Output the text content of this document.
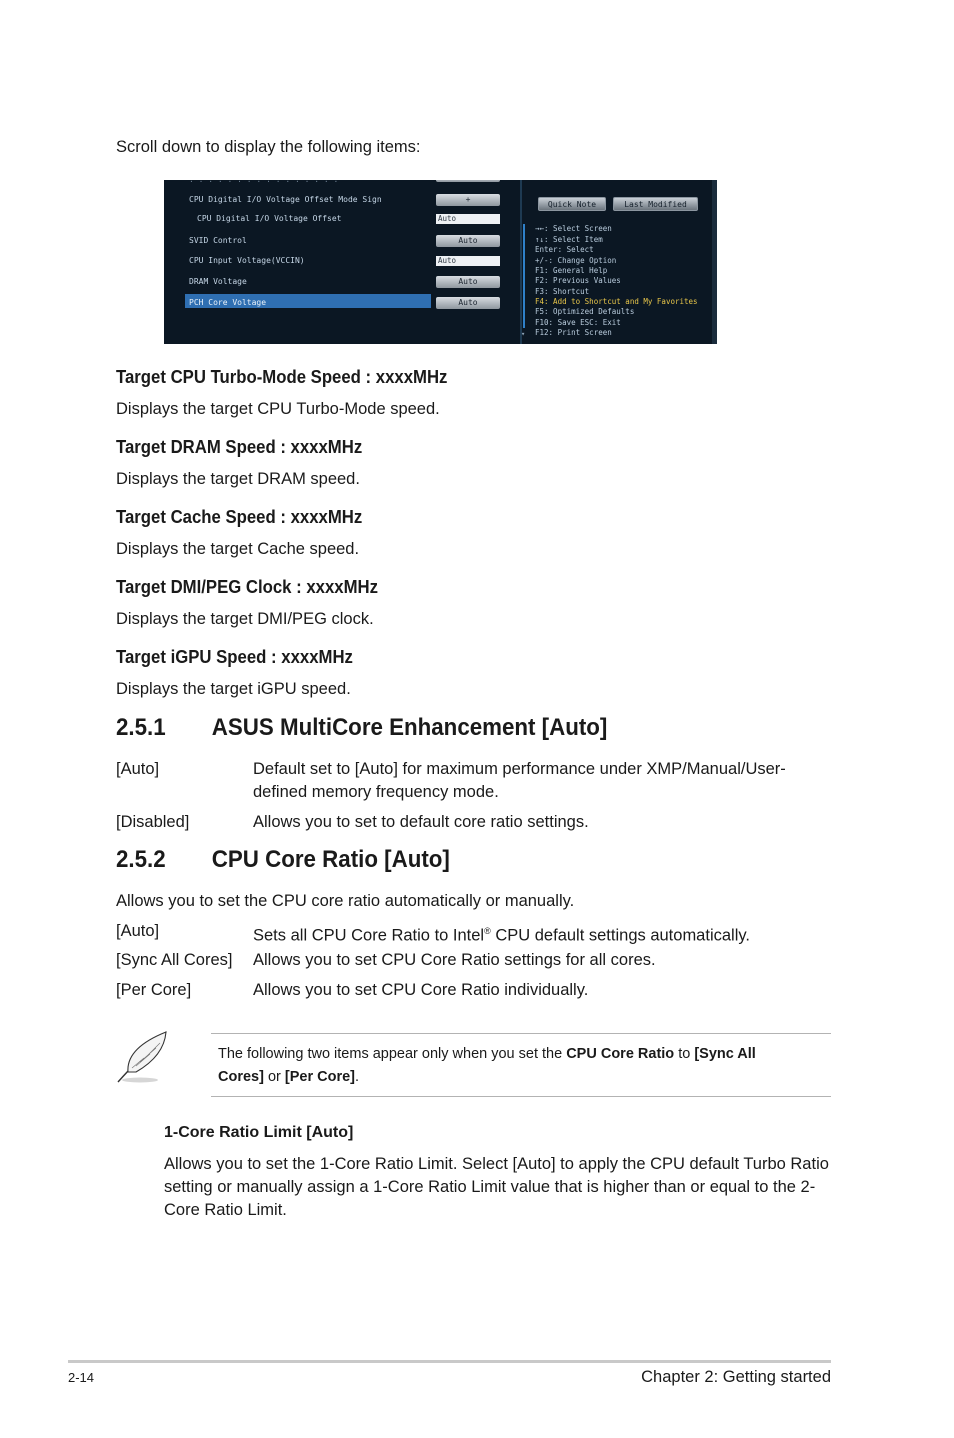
Scroll down to display the following items:
· · · · · · · · · · · · · · · ·
CPU Digital I/O Voltage Offset Mode Sign	+
CPU Digital I/O Voltage Offset	Auto
SVID Control	Auto
CPU Input Voltage(VCCIN)	Auto
DRAM Voltage	Auto
PCH Core Voltage	Auto
▾
Quick Note	Last Modified
→←: Select Screen
↑↓: Select Item
Enter: Select
+/-: Change Option
F1: General Help
F2: Previous Values
F3: Shortcut
F4: Add to Shortcut and My Favorites
F5: Optimized Defaults
F10: Save ESC: Exit
F12: Print Screen
Target CPU Turbo-Mode Speed : xxxxMHz
Displays the target CPU Turbo-Mode speed.
Target DRAM Speed : xxxxMHz
Displays the target DRAM speed.
Target Cache Speed : xxxxMHz
Displays the target Cache speed.
Target DMI/PEG Clock : xxxxMHz
Displays the target DMI/PEG clock.
Target iGPU Speed : xxxxMHz
Displays the target iGPU speed.
2.5.1 ASUS MultiCore Enhancement [Auto]
[Auto]	Default set to [Auto] for maximum performance under XMP/Manual/User-defined memory frequency mode.
[Disabled]	Allows you to set to default core ratio settings.
2.5.2 CPU Core Ratio [Auto]
Allows you to set the CPU core ratio automatically or manually.
[Auto]	Sets all CPU Core Ratio to Intel® CPU default settings automatically.
[Sync All Cores] Allows you to set CPU Core Ratio settings for all cores.
[Per Core]	Allows you to set CPU Core Ratio individually.
The following two items appear only when you set the CPU Core Ratio to [Sync All Cores] or [Per Core].
1-Core Ratio Limit [Auto]
Allows you to set the 1-Core Ratio Limit. Select [Auto] to apply the CPU default Turbo Ratio setting or manually assign a 1-Core Ratio Limit value that is higher than or equal to the 2-Core Ratio Limit.
2-14	Chapter 2: Getting started
